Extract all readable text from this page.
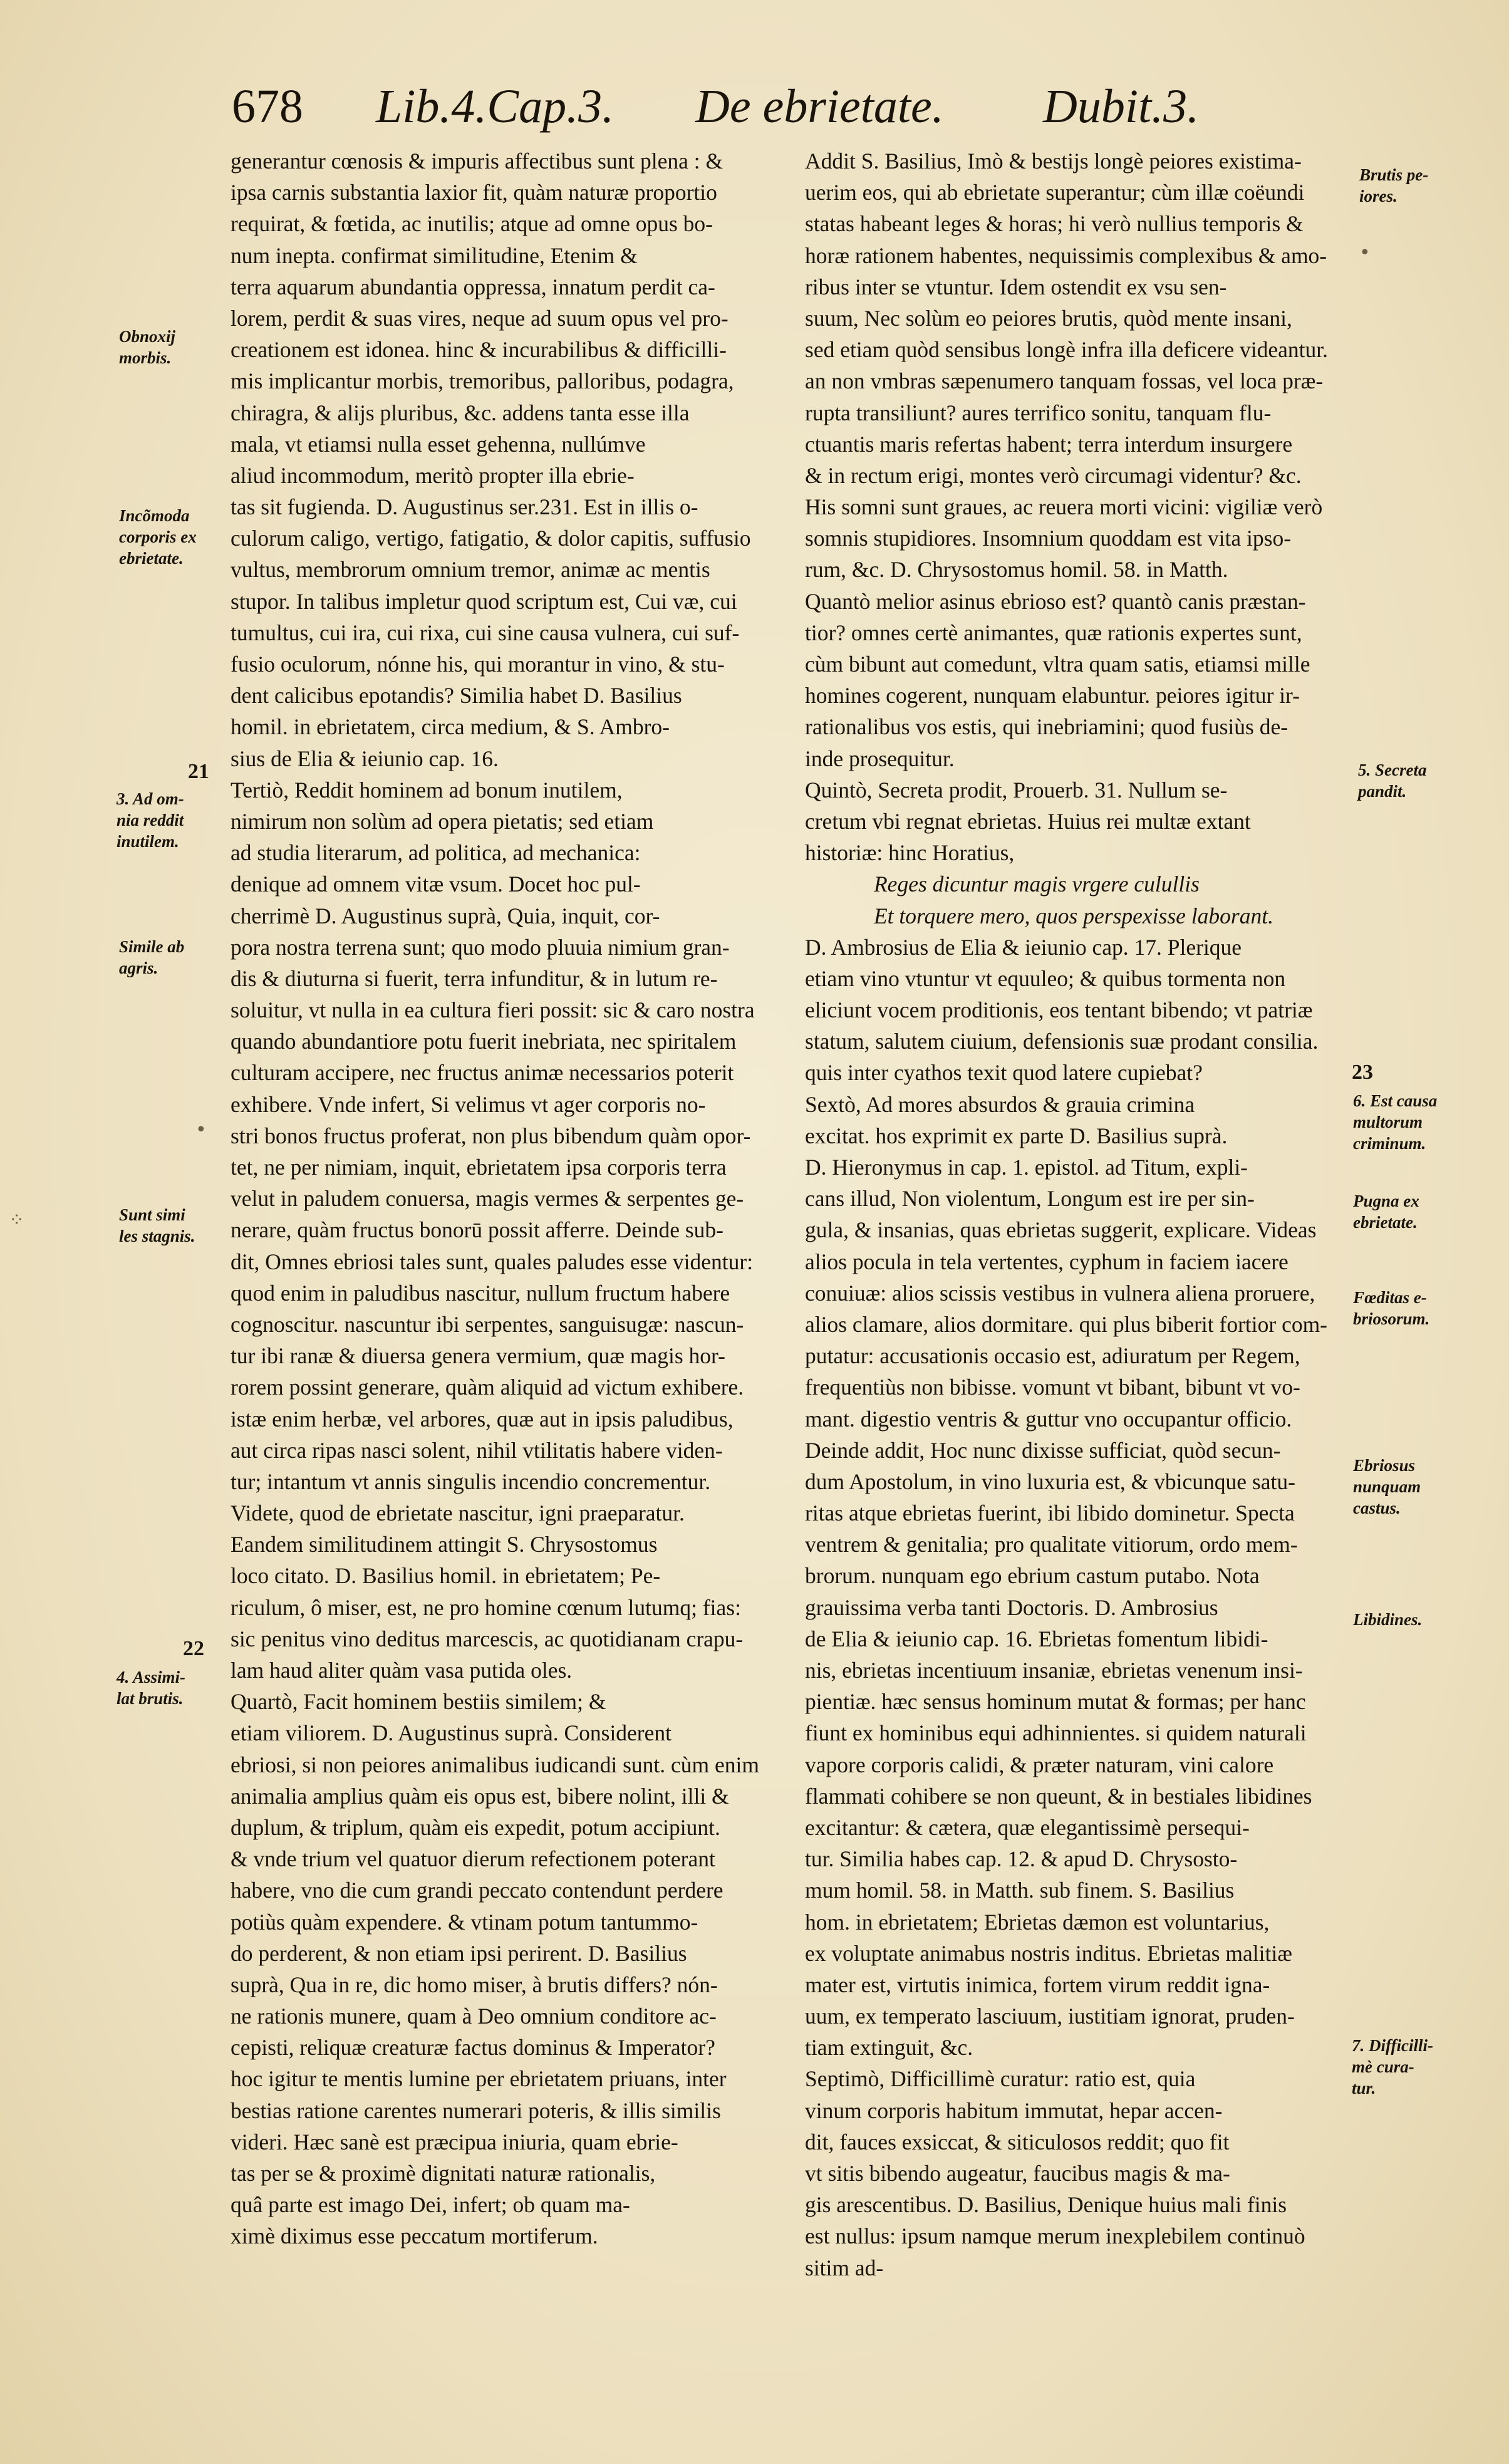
678 Lib.4.Cap.3. De ebrietate. Dubit.3.
generantur cœnosis & impuris affectibus sunt plena : &
ipsa carnis substantia laxior fit, quàm naturæ proportio
requirat, & fœtida, ac inutilis; atque ad omne opus bo-
num inepta. confirmat similitudine, Etenim &
terra aquarum abundantia oppressa, innatum perdit ca-
lorem, perdit & suas vires, neque ad suum opus vel pro-
creationem est idonea. hinc & incurabilibus & difficilli-
mis implicantur morbis, tremoribus, palloribus, podagra,
chiragra, & alijs pluribus, &c. addens tanta esse illa
mala, vt etiamsi nulla esset gehenna, nullúmve
aliud incommodum, meritò propter illa ebrie-
tas sit fugienda. D. Augustinus ser.231. Est in illis o-
culorum caligo, vertigo, fatigatio, & dolor capitis, suffusio
vultus, membrorum omnium tremor, animæ ac mentis
stupor. In talibus impletur quod scriptum est, Cui væ, cui
tumultus, cui ira, cui rixa, cui sine causa vulnera, cui suf-
fusio oculorum, nónne his, qui morantur in vino, & stu-
dent calicibus epotandis? Similia habet D. Basilius
homil. in ebrietatem, circa medium, & S. Ambro-
sius de Elia & ieiunio cap. 16.
Tertiò, Reddit hominem ad bonum inutilem,
nimirum non solùm ad opera pietatis; sed etiam
ad studia literarum, ad politica, ad mechanica:
denique ad omnem vitæ vsum. Docet hoc pul-
cherrimè D. Augustinus suprà, Quia, inquit, cor-
pora nostra terrena sunt; quo modo pluuia nimium gran-
dis & diuturna si fuerit, terra infunditur, & in lutum re-
soluitur, vt nulla in ea cultura fieri possit: sic & caro nostra
quando abundantiore potu fuerit inebriata, nec spiritalem
culturam accipere, nec fructus animæ necessarios poterit
exhibere. Vnde infert, Si velimus vt ager corporis no-
stri bonos fructus proferat, non plus bibendum quàm opor-
tet, ne per nimiam, inquit, ebrietatem ipsa corporis terra
velut in paludem conuersa, magis vermes & serpentes ge-
nerare, quàm fructus bonorū possit afferre. Deinde sub-
dit, Omnes ebriosi tales sunt, quales paludes esse videntur:
quod enim in paludibus nascitur, nullum fructum habere
cognoscitur. nascuntur ibi serpentes, sanguisugæ: nascun-
tur ibi ranæ & diuersa genera vermium, quæ magis hor-
rorem possint generare, quàm aliquid ad victum exhibere.
istæ enim herbæ, vel arbores, quæ aut in ipsis paludibus,
aut circa ripas nasci solent, nihil vtilitatis habere viden-
tur; intantum vt annis singulis incendio concrementur.
Videte, quod de ebrietate nascitur, igni praeparatur.
Eandem similitudinem attingit S. Chrysostomus
loco citato. D. Basilius homil. in ebrietatem; Pe-
riculum, ô miser, est, ne pro homine cœnum lutumq; fias:
sic penitus vino deditus marcescis, ac quotidianam crapu-
lam haud aliter quàm vasa putida oles.
Quartò, Facit hominem bestiis similem; &
etiam viliorem. D. Augustinus suprà. Considerent
ebriosi, si non peiores animalibus iudicandi sunt. cùm enim
animalia amplius quàm eis opus est, bibere nolint, illi &
duplum, & triplum, quàm eis expedit, potum accipiunt.
& vnde trium vel quatuor dierum refectionem poterant
habere, vno die cum grandi peccato contendunt perdere
potiùs quàm expendere. & vtinam potum tantummo-
do perderent, & non etiam ipsi perirent. D. Basilius
suprà, Qua in re, dic homo miser, à brutis differs? nón-
ne rationis munere, quam à Deo omnium conditore ac-
cepisti, reliquæ creaturæ factus dominus & Imperator?
hoc igitur te mentis lumine per ebrietatem priuans, inter
bestias ratione carentes numerari poteris, & illis similis
videri. Hæc sanè est præcipua iniuria, quam ebrie-
tas per se & proximè dignitati naturæ rationalis,
quâ parte est imago Dei, infert; ob quam ma-
ximè diximus esse peccatum mortiferum.
Addit S. Basilius, Imò & bestijs longè peiores existima-
uerim eos, qui ab ebrietate superantur; cùm illæ coëundi
statas habeant leges & horas; hi verò nullius temporis &
horæ rationem habentes, nequissimis complexibus & amo-
ribus inter se vtuntur. Idem ostendit ex vsu sen-
suum, Nec solùm eo peiores brutis, quòd mente insani,
sed etiam quòd sensibus longè infra illa deficere videantur.
an non vmbras sæpenumero tanquam fossas, vel loca præ-
rupta transiliunt? aures terrifico sonitu, tanquam flu-
ctuantis maris refertas habent; terra interdum insurgere
& in rectum erigi, montes verò circumagi videntur? &c.
His somni sunt graues, ac reuera morti vicini: vigiliæ verò
somnis stupidiores. Insomnium quoddam est vita ipso-
rum, &c. D. Chrysostomus homil. 58. in Matth.
Quantò melior asinus ebrioso est? quantò canis præstan-
tior? omnes certè animantes, quæ rationis expertes sunt,
cùm bibunt aut comedunt, vltra quam satis, etiamsi mille
homines cogerent, nunquam elabuntur. peiores igitur ir-
rationalibus vos estis, qui inebriamini; quod fusiùs de-
inde prosequitur.
Quintò, Secreta prodit, Prouerb. 31. Nullum se-
cretum vbi regnat ebrietas. Huius rei multæ extant
historiæ: hinc Horatius,
Reges dicuntur magis vrgere culullis
Et torquere mero, quos perspexisse laborant.
D. Ambrosius de Elia & ieiunio cap. 17. Plerique
etiam vino vtuntur vt equuleo; & quibus tormenta non
eliciunt vocem proditionis, eos tentant bibendo; vt patriæ
statum, salutem ciuium, defensionis suæ prodant consilia.
quis inter cyathos texit quod latere cupiebat?
Sextò, Ad mores absurdos & grauia crimina
excitat. hos exprimit ex parte D. Basilius suprà.
D. Hieronymus in cap. 1. epistol. ad Titum, expli-
cans illud, Non violentum, Longum est ire per sin-
gula, & insanias, quas ebrietas suggerit, explicare. Videas
alios pocula in tela vertentes, cyphum in faciem iacere
conuiuæ: alios scissis vestibus in vulnera aliena proruere,
alios clamare, alios dormitare. qui plus biberit fortior com-
putatur: accusationis occasio est, adiuratum per Regem,
frequentiùs non bibisse. vomunt vt bibant, bibunt vt vo-
mant. digestio ventris & guttur vno occupantur officio.
Deinde addit, Hoc nunc dixisse sufficiat, quòd secun-
dum Apostolum, in vino luxuria est, & vbicunque satu-
ritas atque ebrietas fuerint, ibi libido dominetur. Specta
ventrem & genitalia; pro qualitate vitiorum, ordo mem-
brorum. nunquam ego ebrium castum putabo. Nota
grauissima verba tanti Doctoris. D. Ambrosius
de Elia & ieiunio cap. 16. Ebrietas fomentum libidi-
nis, ebrietas incentiuum insaniæ, ebrietas venenum insi-
pientiæ. hæc sensus hominum mutat & formas; per hanc
fiunt ex hominibus equi adhinnientes. si quidem naturali
vapore corporis calidi, & præter naturam, vini calore
flammati cohibere se non queunt, & in bestiales libidines
excitantur: & cætera, quæ elegantissimè persequi-
tur. Similia habes cap. 12. & apud D. Chrysosto-
mum homil. 58. in Matth. sub finem. S. Basilius
hom. in ebrietatem; Ebrietas dæmon est voluntarius,
ex voluptate animabus nostris inditus. Ebrietas malitiæ
mater est, virtutis inimica, fortem virum reddit igna-
uum, ex temperato lasciuum, iustitiam ignorat, pruden-
tiam extinguit, &c.
Septimò, Difficillimè curatur: ratio est, quia
vinum corporis habitum immutat, hepar accen-
dit, fauces exsiccat, & siticulosos reddit; quo fit
vt sitis bibendo augeatur, faucibus magis & ma-
gis arescentibus. D. Basilius, Denique huius mali finis
est nullus: ipsum namque merum inexplebilem continuò
sitim ad-
Obnoxij
morbis.
Incõmoda
corporis ex
ebrietate.
21
3. Ad om-
nia reddit
inutilem.
Simile ab
agris.
Sunt simi
les stagnis.
22
4. Assimi-
lat brutis.
Brutis pe-
iores.
5. Secreta
pandit.
23
6. Est causa
multorum
criminum.
Pugna ex
ebrietate.
Fœditas e-
briosorum.
Ebriosus
nunquam
castus.
Libidines.
7. Difficilli-
mè cura-
tur.
•
•
⁘
